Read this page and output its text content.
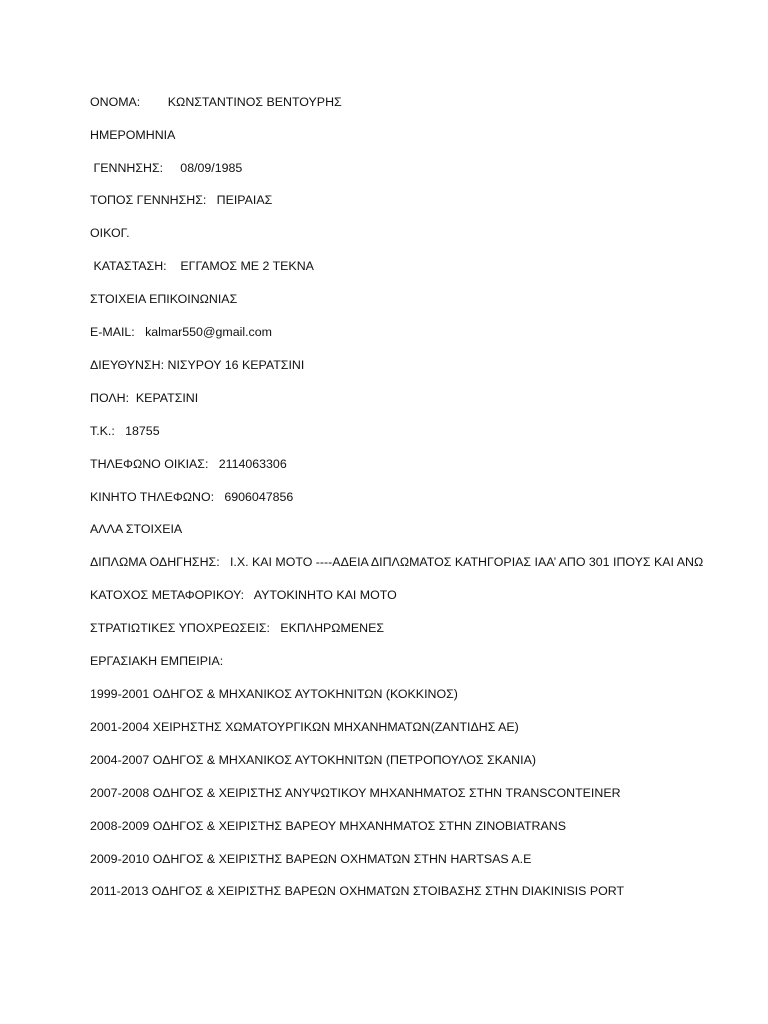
ΟΝΟΜΑ:        ΚΩΝΣΤΑΝΤΙΝΟΣ ΒΕΝΤΟΥΡΗΣ
ΗΜΕΡΟΜΗΝΙΑ
ΓΕΝΝΗΣΗΣ:     08/09/1985
ΤΟΠΟΣ ΓΕΝΝΗΣΗΣ:   ΠΕΙΡΑΙΑΣ
ΟΙΚΟΓ.
ΚΑΤΑΣΤΑΣΗ:    ΕΓΓΑΜΟΣ ΜΕ 2 ΤΕΚΝΑ
ΣΤΟΙΧΕΙΑ ΕΠΙΚΟΙΝΩΝΙΑΣ
E-MAIL:   kalmar550@gmail.com
ΔΙΕΥΘΥΝΣΗ: ΝΙΣΥΡΟΥ 16 ΚΕΡΑΤΣΙΝΙ
ΠΟΛΗ:  ΚΕΡΑΤΣΙΝΙ
Τ.Κ.:   18755
ΤΗΛΕΦΩΝΟ ΟΙΚΙΑΣ:   2114063306
ΚΙΝΗΤΟ ΤΗΛΕΦΩΝΟ:   6906047856
ΑΛΛΑ ΣΤΟΙΧΕΙΑ
ΔΙΠΛΩΜΑ ΟΔΗΓΗΣΗΣ:   Ι.Χ. ΚΑΙ ΜΟΤΟ ----ΑΔΕΙΑ ΔΙΠΛΩΜΑΤΟΣ ΚΑΤΗΓΟΡΙΑΣ ΙΑΑ’ ΑΠΟ 301 ΙΠΟΥΣ ΚΑΙ ΑΝΩ
ΚΑΤΟΧΟΣ ΜΕΤΑΦΟΡΙΚΟΥ:   ΑΥΤΟΚΙΝΗΤΟ ΚΑΙ ΜΟΤΟ
ΣΤΡΑΤΙΩΤΙΚΕΣ ΥΠΟΧΡΕΩΣΕΙΣ:   ΕΚΠΛΗΡΩΜΕΝΕΣ
ΕΡΓΑΣΙΑΚΗ ΕΜΠΕΙΡΙΑ:
1999-2001 ΟΔΗΓΟΣ & ΜΗΧΑΝΙΚΟΣ ΑΥΤΟΚΗΝΙΤΩΝ (ΚΟΚΚΙΝΟΣ)
2001-2004 ΧΕΙΡΗΣΤΗΣ ΧΩΜΑΤΟΥΡΓΙΚΩΝ ΜΗΧΑΝΗΜΑΤΩΝ(ΖΑΝΤΙΔΗΣ ΑΕ)
2004-2007 ΟΔΗΓΟΣ & ΜΗΧΑΝΙΚΟΣ ΑΥΤΟΚΗΝΙΤΩΝ (ΠΕΤΡΟΠΟΥΛΟΣ ΣΚΑΝΙΑ)
2007-2008 ΟΔΗΓΟΣ & ΧΕΙΡΙΣΤΗΣ ΑΝΥΨΩΤΙΚΟΥ ΜΗΧΑΝΗΜΑΤΟΣ ΣΤΗΝ TRANSCONTEINER
2008-2009 ΟΔΗΓΟΣ & ΧΕΙΡΙΣΤΗΣ ΒΑΡΕΟΥ ΜΗΧΑΝΗΜΑΤΟΣ ΣΤΗΝ ZINOBIATRANS
2009-2010 ΟΔΗΓΟΣ & ΧΕΙΡΙΣΤΗΣ ΒΑΡΕΩΝ ΟΧΗΜΑΤΩΝ ΣΤΗΝ HARTSAS A.E
2011-2013 ΟΔΗΓΟΣ & ΧΕΙΡΙΣΤΗΣ ΒΑΡΕΩΝ ΟΧΗΜΑΤΩΝ ΣΤΟΙΒΑΣΗΣ ΣΤΗΝ DIAKINISIS PORT
